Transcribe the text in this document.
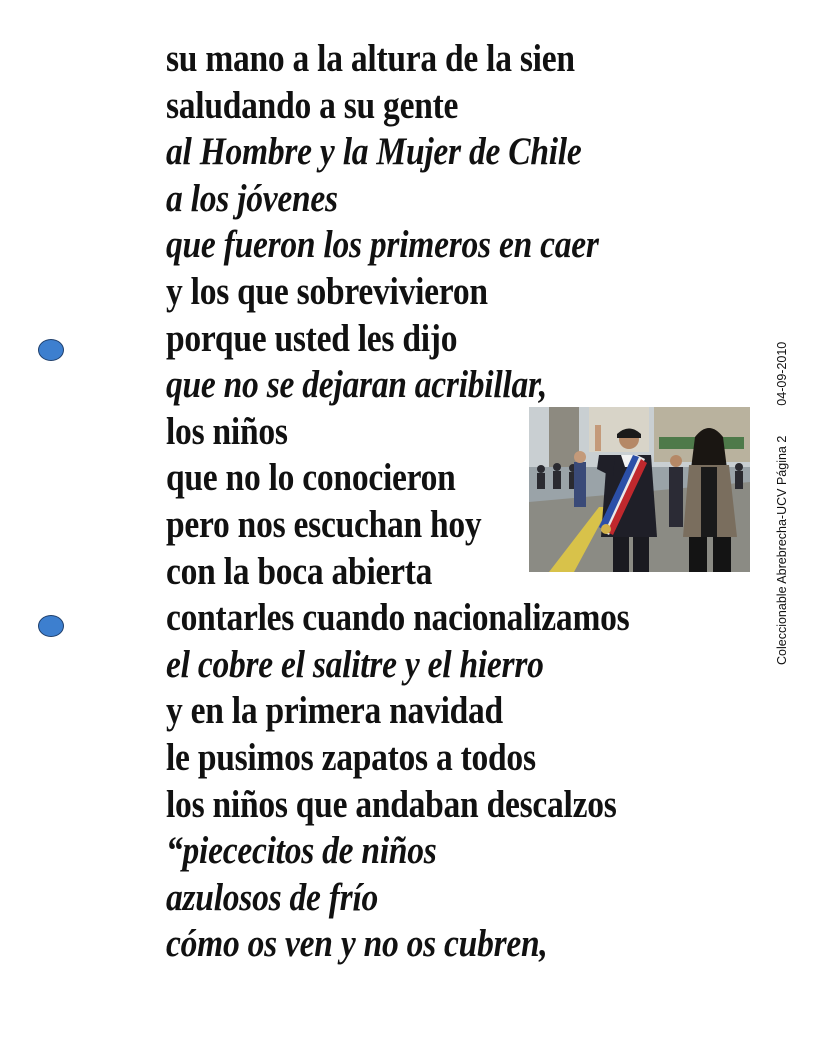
su mano a la altura de la sien
saludando a su gente
al Hombre y la Mujer de Chile
a los jóvenes
que fueron los primeros en caer
y los que sobrevivieron
porque usted les dijo
que no se dejaran acribillar,
los niños
que no lo conocieron
pero nos escuchan hoy
con la boca abierta
contarles cuando nacionalizamos
el cobre el salitre y el hierro
y en la primera navidad
le pusimos zapatos a todos
los niños que andaban descalzos
“piececitos de niños
azulosos de frío
cómo os ven y no os cubren,
Coleccionable Abrebrecha-UCV Página 204-09-2010
